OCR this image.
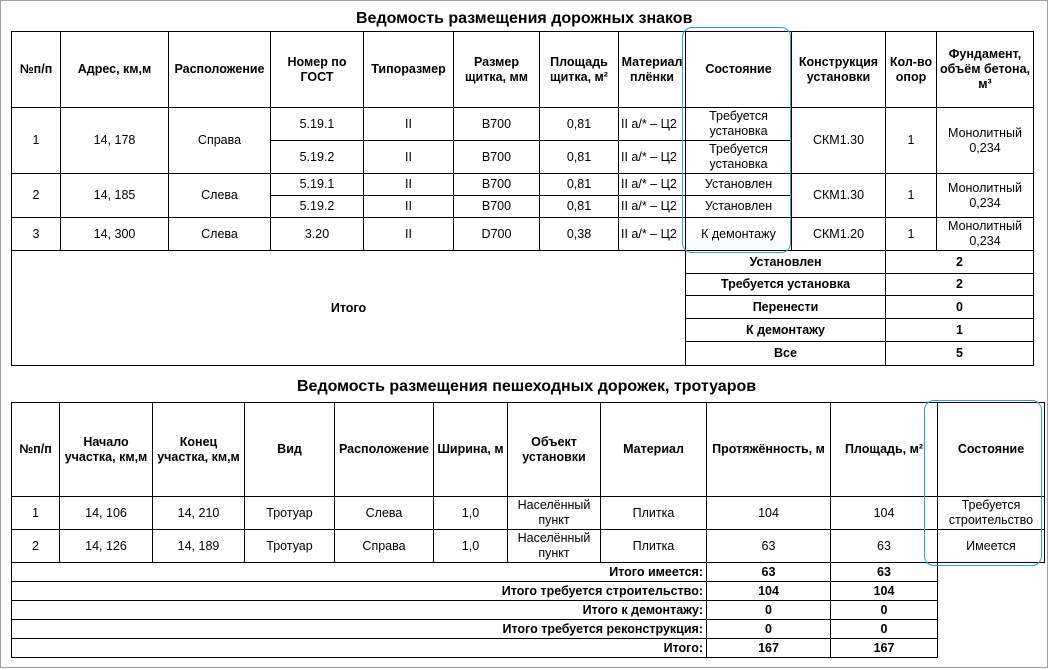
Ведомость размещения дорожных знаков
№п/п	Адрес, км,м	Расположение	Номер по ГОСТ	Типоразмер	Размер щитка, мм	Площадь щитка, м²	Материал плёнки	Состояние	Конструкция установки	Кол-во опор	Фундамент, объём бетона, м³
1	14, 178	Справа	5.19.1	II	B700	0,81	II а/* – Ц2	Требуется установка	СКМ1.30	1	Монолитный 0,234
			5.19.2	II	B700	0,81	II а/* – Ц2	Требуется установка			
2	14, 185	Слева	5.19.1	II	B700	0,81	II а/* – Ц2	Установлен	СКМ1.30	1	Монолитный 0,234
			5.19.2	II	B700	0,81	II а/* – Ц2	Установлен			
3	14, 300	Слева	3.20	II	D700	0,38	II а/* – Ц2	К демонтажу	СКМ1.20	1	Монолитный 0,234
Итого								Установлен		2	
								Требуется установка		2	
								Перенести		0	
								К демонтажу		1	
								Все		5	
Ведомость размещения пешеходных дорожек, тротуаров
№п/п	Начало участка, км,м	Конец участка, км,м	Вид	Расположение	Ширина, м	Объект установки	Материал	Протяжённость, м	Площадь, м²	Состояние
1	14, 106	14, 210	Тротуар	Слева	1,0	Населённый пункт	Плитка	104	104	Требуется строительство
2	14, 126	14, 189	Тротуар	Справа	1,0	Населённый пункт	Плитка	63	63	Имеется
Итого имеется:								63	63	
Итого требуется строительство:								104	104	
Итого к демонтажу:								0	0	
Итого требуется реконструкция:								0	0	
Итого:								167	167	
